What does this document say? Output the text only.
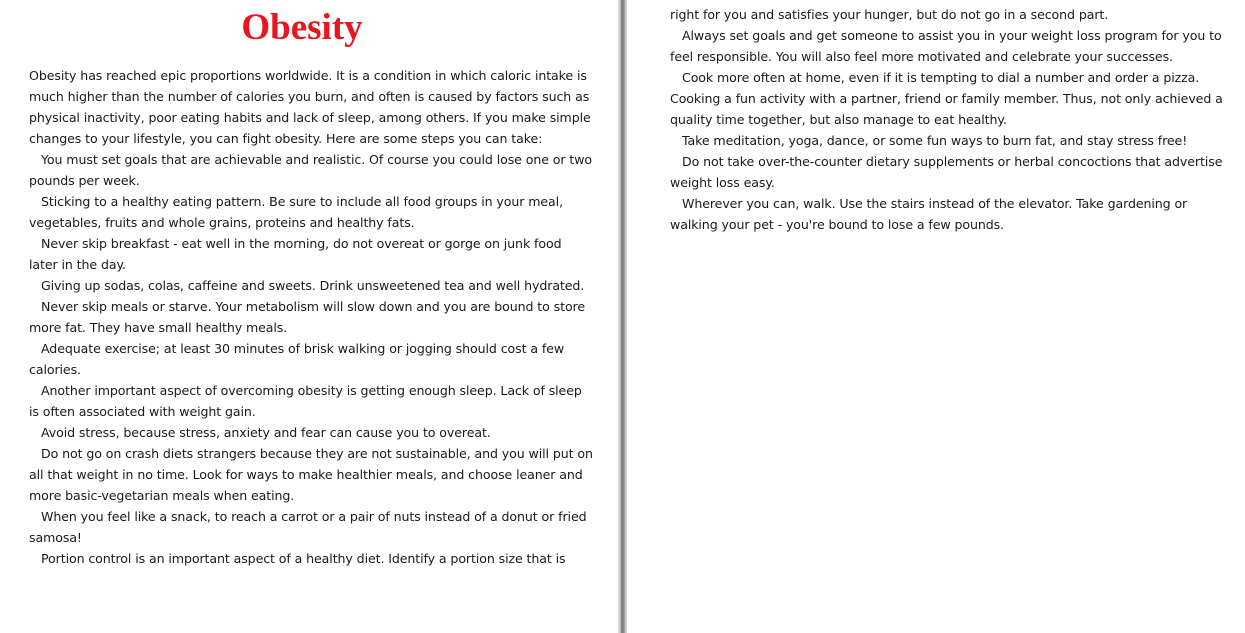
Obesity
Obesity has reached epic proportions worldwide. It is a condition in which caloric intake is
much higher than the number of calories you burn, and often is caused by factors such as
physical inactivity, poor eating habits and lack of sleep, among others. If you make simple
changes to your lifestyle, you can fight obesity. Here are some steps you can take:
You must set goals that are achievable and realistic. Of course you could lose one or two
pounds per week.
Sticking to a healthy eating pattern. Be sure to include all food groups in your meal,
vegetables, fruits and whole grains, proteins and healthy fats.
Never skip breakfast - eat well in the morning, do not overeat or gorge on junk food
later in the day.
Giving up sodas, colas, caffeine and sweets. Drink unsweetened tea and well hydrated.
Never skip meals or starve. Your metabolism will slow down and you are bound to store
more fat. They have small healthy meals.
Adequate exercise; at least 30 minutes of brisk walking or jogging should cost a few
calories.
Another important aspect of overcoming obesity is getting enough sleep. Lack of sleep
is often associated with weight gain.
Avoid stress, because stress, anxiety and fear can cause you to overeat.
Do not go on crash diets strangers because they are not sustainable, and you will put on
all that weight in no time. Look for ways to make healthier meals, and choose leaner and
more basic-vegetarian meals when eating.
When you feel like a snack, to reach a carrot or a pair of nuts instead of a donut or fried
samosa!
Portion control is an important aspect of a healthy diet. Identify a portion size that is
right for you and satisfies your hunger, but do not go in a second part.
Always set goals and get someone to assist you in your weight loss program for you to
feel responsible. You will also feel more motivated and celebrate your successes.
Cook more often at home, even if it is tempting to dial a number and order a pizza.
Cooking a fun activity with a partner, friend or family member. Thus, not only achieved a
quality time together, but also manage to eat healthy.
Take meditation, yoga, dance, or some fun ways to burn fat, and stay stress free!
Do not take over-the-counter dietary supplements or herbal concoctions that advertise
weight loss easy.
Wherever you can, walk. Use the stairs instead of the elevator. Take gardening or
walking your pet - you're bound to lose a few pounds.
